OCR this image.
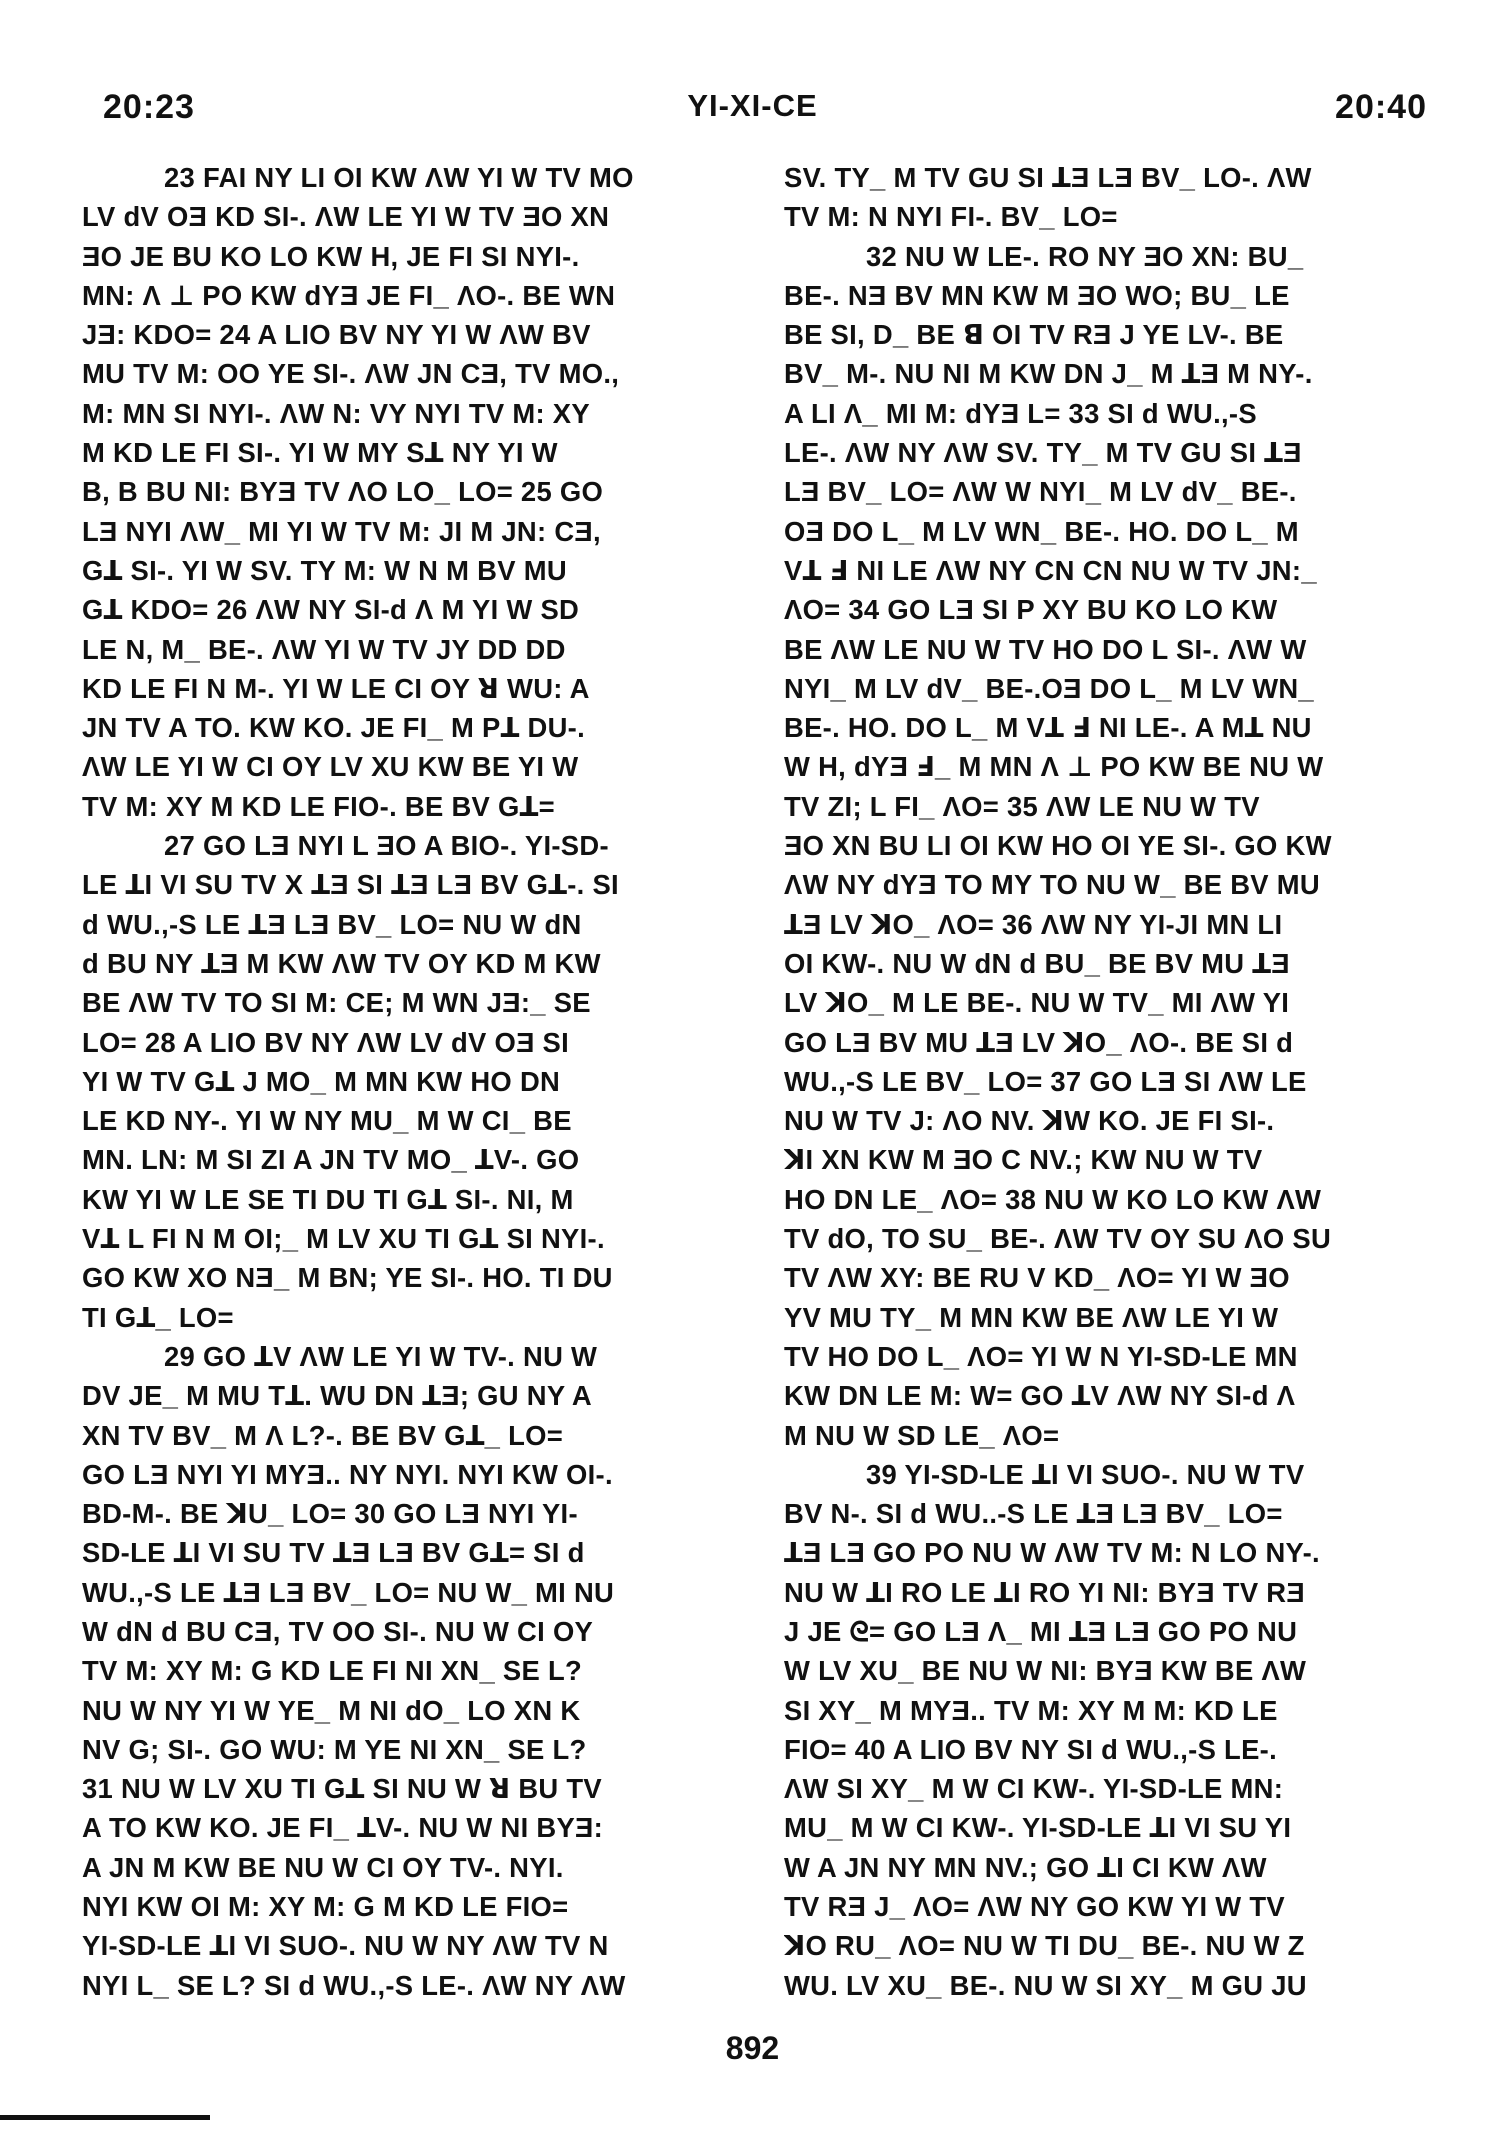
20:23	YI-XI-CE	20:40
23 FAI NY LI OI KW ΛW YI W TV MO
LV dV OƎ KD SI-. ΛW LE YI W TV ƎO XN
ƎO JE BU KO LO KW H, JE FI SI NYI-.
MN: Λ ⊥ PO KW dYƎ JE FI_ ΛO-. BE WN
JƎ: KDO= 24 A LIO BV NY YI W ΛW BV
MU TV M: OO YE SI-. ΛW JN CƎ, TV MO.,
M: MN SI NYI-. ΛW N: VY NYI TV M: XY
M KD LE FI SI-. YI W MY Sꓕ NY YI W
B, B BU NI: BYƎ TV ΛO LO_ LO= 25 GO
LƎ NYI ΛW_ MI YI W TV M: JI M JN: CƎ,
Gꓕ SI-. YI W SV. TY M: W N M BV MU
Gꓕ KDO= 26 ΛW NY SI-d Λ M YI W SD
LE N, M_ BE-. ΛW YI W TV JY DD DD
KD LE FI N M-. YI W LE CI OY ꓤ WU: A
JN TV A TO. KW KO. JE FI_ M Pꓕ DU-.
ΛW LE YI W CI OY LV XU KW BE YI W
TV M: XY M KD LE FIO-. BE BV Gꓕ=
27 GO LƎ NYI L ƎO A BIO-. YI-SD-
LE ꓕI VI SU TV X ꓕƎ SI ꓕƎ LƎ BV Gꓕ-. SI
d WU.,-S LE ꓕƎ LƎ BV_ LO= NU W dN
d BU NY ꓕƎ M KW ΛW TV OY KD M KW
BE ΛW TV TO SI M: CE; M WN JƎ:_ SE
LO= 28 A LIO BV NY ΛW LV dV OƎ SI
YI W TV Gꓕ J MO_ M MN KW HO DN
LE KD NY-. YI W NY MU_ M W CI_ BE
MN. LN: M SI ZI A JN TV MO_ ꓕV-. GO
KW YI W LE SE TI DU TI Gꓕ SI-. NI, M
Vꓕ L FI N M OI;_ M LV XU TI Gꓕ SI NYI-.
GO KW XO NƎ_ M BN; YE SI-. HO. TI DU
TI Gꓕ_ LO=
29 GO ꓕV ΛW LE YI W TV-. NU W
DV JE_ M MU Tꓕ. WU DN ꓕƎ; GU NY A
XN TV BV_ M Λ L?-. BE BV Gꓕ_ LO=
GO LƎ NYI YI MYƎ.. NY NYI. NYI KW OI-.
BD-M-. BE ꓘU_ LO= 30 GO LƎ NYI YI-
SD-LE ꓕI VI SU TV ꓕƎ LƎ BV Gꓕ= SI d
WU.,-S LE ꓕƎ LƎ BV_ LO= NU W_ MI NU
W dN d BU CƎ, TV OO SI-. NU W CI OY
TV M: XY M: G KD LE FI NI XN_ SE L?
NU W NY YI W YE_ M NI dO_ LO XN K
NV G; SI-. GO WU: M YE NI XN_ SE L?
31 NU W LV XU TI Gꓕ SI NU W ꓤ BU TV
A TO KW KO. JE FI_ ꓕV-. NU W NI BYƎ:
A JN M KW BE NU W CI OY TV-. NYI.
NYI KW OI M: XY M: G M KD LE FIO=
YI-SD-LE ꓕI VI SUO-. NU W NY ΛW TV N
NYI L_ SE L? SI d WU.,-S LE-. ΛW NY ΛW
SV. TY_ M TV GU SI ꓕƎ LƎ BV_ LO-. ΛW
TV M: N NYI FI-. BV_ LO=
32 NU W LE-. RO NY ƎO XN: BU_
BE-. NƎ BV MN KW M ƎO WO; BU_ LE
BE SI, D_ BE ꓭ OI TV RƎ J YE LV-. BE
BV_ M-. NU NI M KW DN J_ M ꓕƎ M NY-.
A LI Λ_ MI M: dYƎ L= 33 SI d WU.,-S
LE-. ΛW NY ΛW SV. TY_ M TV GU SI ꓕƎ
LƎ BV_ LO= ΛW W NYI_ M LV dV_ BE-.
OƎ DO L_ M LV WN_ BE-. HO. DO L_ M
Vꓕ Ⅎ NI LE ΛW NY CN CN NU W TV JN:_
ΛO= 34 GO LƎ SI P XY BU KO LO KW
BE ΛW LE NU W TV HO DO L SI-. ΛW W
NYI_ M LV dV_ BE-.OƎ DO L_ M LV WN_
BE-. HO. DO L_ M Vꓕ Ⅎ NI LE-. A Mꓕ NU
W H, dYƎ Ⅎ_ M MN Λ ⊥ PO KW BE NU W
TV ZI; L FI_ ΛO= 35 ΛW LE NU W TV
ƎO XN BU LI OI KW HO OI YE SI-. GO KW
ΛW NY dYƎ TO MY TO NU W_ BE BV MU
ꓕƎ LV ꓘO_ ΛO= 36 ΛW NY YI-JI MN LI
OI KW-. NU W dN d BU_ BE BV MU ꓕƎ
LV ꓘO_ M LE BE-. NU W TV_ MI ΛW YI
GO LƎ BV MU ꓕƎ LV ꓘO_ ΛO-. BE SI d
WU.,-S LE BV_ LO= 37 GO LƎ SI ΛW LE
NU W TV J: ΛO NV. ꓘW KO. JE FI SI-.
ꓘI XN KW M ƎO C NV.; KW NU W TV
HO DN LE_ ΛO= 38 NU W KO LO KW ΛW
TV dO, TO SU_ BE-. ΛW TV OY SU ΛO SU
TV ΛW XY: BE RU V KD_ ΛO= YI W ƎO
YV MU TY_ M MN KW BE ΛW LE YI W
TV HO DO L_ ΛO= YI W N YI-SD-LE MN
KW DN LE M: W= GO ꓕV ΛW NY SI-d Λ
M NU W SD LE_ ΛO=
39 YI-SD-LE ꓕI VI SUO-. NU W TV
BV N-. SI d WU..-S LE ꓕƎ LƎ BV_ LO=
ꓕƎ LƎ GO PO NU W ΛW TV M: N LO NY-.
NU W ꓕI RO LE ꓕI RO YI NI: BYƎ TV RƎ
J JE ᘓ= GO LƎ Λ_ MI ꓕƎ LƎ GO PO NU
W LV XU_ BE NU W NI: BYƎ KW BE ΛW
SI XY_ M MYƎ.. TV M: XY M M: KD LE
FIO= 40 A LIO BV NY SI d WU.,-S LE-.
ΛW SI XY_ M W CI KW-. YI-SD-LE MN:
MU_ M W CI KW-. YI-SD-LE ꓕI VI SU YI
W A JN NY MN NV.; GO ꓕI CI KW ΛW
TV RƎ J_ ΛO= ΛW NY GO KW YI W TV
ꓘO RU_ ΛO= NU W TI DU_ BE-. NU W Z
WU. LV XU_ BE-. NU W SI XY_ M GU JU
892
